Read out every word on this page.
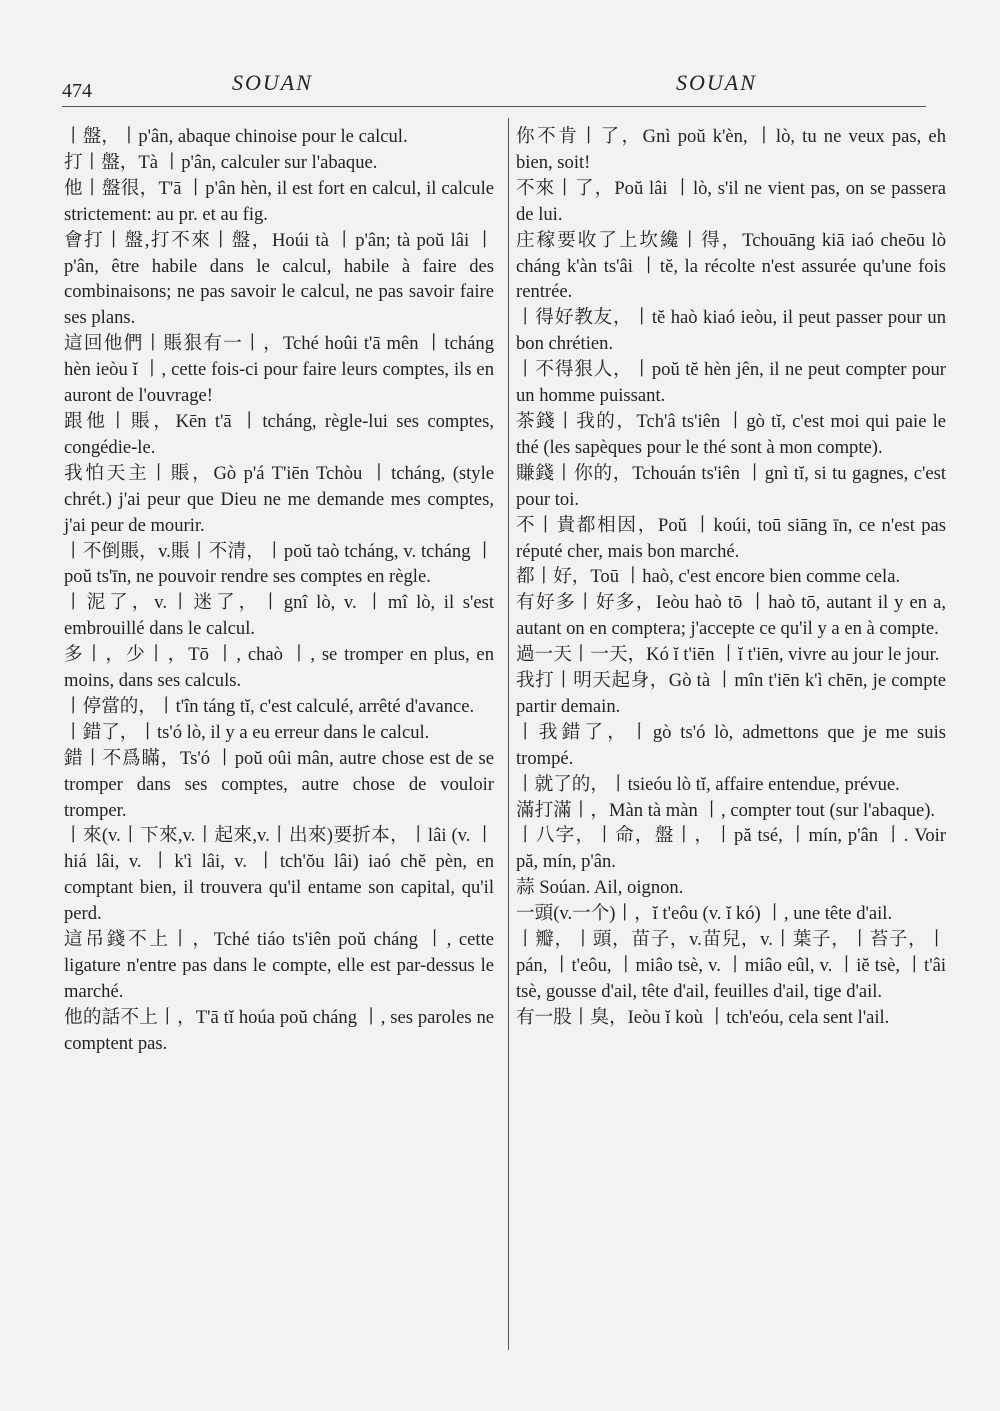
474	SOUAN	SOUAN

丨盤，丨p'ân, abaque chinoise pour le calcul.

打丨盤，Tà 丨p'ân, calculer sur l'abaque.

他丨盤很，T'ā 丨p'ân hèn, il est fort en calcul, il calcule strictement: au pr. et au fig.

會打丨盤,打不來丨盤，Hoúi tà 丨p'ân; tà poŭ lâi 丨p'ân, être habile dans le calcul, habile à faire des combinaisons; ne pas savoir le calcul, ne pas savoir faire ses plans.

這回他們丨賬狠有一丨，Tché hoûi t'ā mên 丨tcháng hèn ieòu ĭ 丨, cette fois-ci pour faire leurs comptes, ils en auront de l'ouvrage!

跟他丨賬，Kēn t'ā 丨tcháng, règle-lui ses comptes, congédie-le.

我怕天主丨賬，Gò p'á T'iēn Tchòu 丨tcháng, (style chrét.) j'ai peur que Dieu ne me demande mes comptes, j'ai peur de mourir.

丨不倒賬，v.賬丨不清，丨poŭ taò tcháng, v. tcháng 丨poŭ ts'īn, ne pouvoir rendre ses comptes en règle.

丨泥了，v.丨迷了，丨gnî lò, v. 丨mî lò, il s'est embrouillé dans le calcul.

多丨，少丨，Tō 丨, chaò 丨, se tromper en plus, en moins, dans ses calculs.

丨停當的，丨t'în táng tĭ, c'est calculé, arrêté d'avance.

丨錯了，丨ts'ó lò, il y a eu erreur dans le calcul.

錯丨不爲瞞，Ts'ó 丨poŭ oûi mân, autre chose est de se tromper dans ses comptes, autre chose de vouloir tromper.

丨來(v.丨下來,v.丨起來,v.丨出來)要折本，丨lâi (v. 丨hiá lâi, v. 丨k'ì lâi, v. 丨tch'ŏu lâi) iaó chĕ pèn, en comptant bien, il trouvera qu'il entame son capital, qu'il perd.

這吊錢不上丨，Tché tiáo ts'iên poŭ cháng 丨, cette ligature n'entre pas dans le compte, elle est par-dessus le marché.

他的話不上丨，T'ā tĭ hoúa poŭ cháng 丨, ses paroles ne comptent pas.

你不肯丨了，Gnì poŭ k'èn, 丨lò, tu ne veux pas, eh bien, soit!

不來丨了，Poŭ lâi 丨lò, s'il ne vient pas, on se passera de lui.

庄稼要收了上坎纔丨得，Tchouāng kiā iaó cheōu lò cháng k'àn ts'âi 丨tĕ, la récolte n'est assurée qu'une fois rentrée.

丨得好教友，丨tĕ haò kiaó ieòu, il peut passer pour un bon chrétien.

丨不得狠人，丨poŭ tĕ hèn jên, il ne peut compter pour un homme puissant.

茶錢丨我的，Tch'â ts'iên 丨gò tĭ, c'est moi qui paie le thé (les sapèques pour le thé sont à mon compte).

賺錢丨你的，Tchouán ts'iên 丨gnì tĭ, si tu gagnes, c'est pour toi.

不丨貴都相因，Poŭ 丨koúi, toū siāng īn, ce n'est pas réputé cher, mais bon marché.

都丨好，Toū 丨haò, c'est encore bien comme cela.

有好多丨好多，Ieòu haò tō 丨haò tō, autant il y en a, autant on en comptera; j'accepte ce qu'il y a en à compte.

過一天丨一天，Kó ĭ t'iēn 丨ĭ t'iēn, vivre au jour le jour.

我打丨明天起身，Gò tà 丨mîn t'iēn k'ì chēn, je compte partir demain.

丨我錯了，丨gò ts'ó lò, admettons que je me suis trompé.

丨就了的，丨tsieóu lò tĭ, affaire entendue, prévue.

滿打滿丨，Màn tà màn 丨, compter tout (sur l'abaque).

丨八字，丨命，盤丨，丨pă tsé, 丨mín, p'ân 丨. Voir pă, mín, p'ân.

蒜 Soúan. Ail, oignon.

一頭(v.一个)丨，ĭ t'eôu (v. ĭ kó) 丨, une tête d'ail.

丨瓣，丨頭，苗子，v.苗兒，v.丨葉子，丨苔子，丨pán, 丨t'eôu, 丨miâo tsè, v. 丨miâo eûl, v. 丨iĕ tsè, 丨t'âi tsè, gousse d'ail, tête d'ail, feuilles d'ail, tige d'ail.

有一股丨臭，Ieòu ĭ koù 丨tch'eóu, cela sent l'ail.
